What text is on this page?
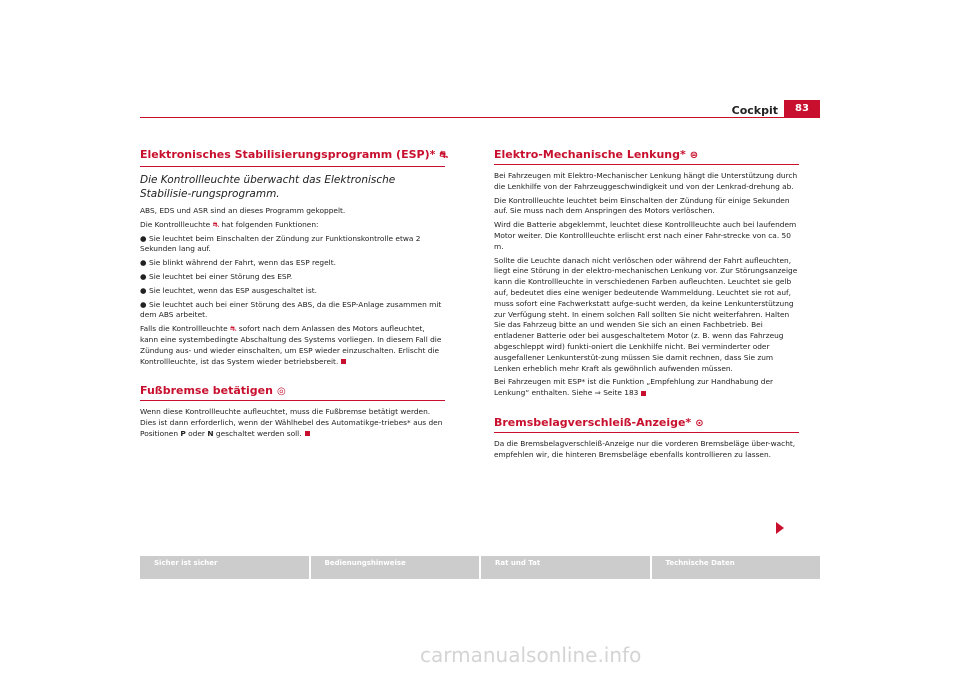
Cockpit	83
Elektronisches Stabilisierungsprogramm (ESP)* ⛐
Die Kontrollleuchte überwacht das Elektronische Stabilisie-rungsprogramm.
ABS, EDS und ASR sind an dieses Programm gekoppelt.
Die Kontrollleuchte ⛐ hat folgenden Funktionen:
● Sie leuchtet beim Einschalten der Zündung zur Funktionskontrolle etwa 2 Sekunden lang auf.
● Sie blinkt während der Fahrt, wenn das ESP regelt.
● Sie leuchtet bei einer Störung des ESP.
● Sie leuchtet, wenn das ESP ausgeschaltet ist.
● Sie leuchtet auch bei einer Störung des ABS, da die ESP-Anlage zusammen mit dem ABS arbeitet.
Falls die Kontrollleuchte ⛐ sofort nach dem Anlassen des Motors aufleuchtet, kann eine systembedingte Abschaltung des Systems vorliegen. In diesem Fall die Zündung aus- und wieder einschalten, um ESP wieder einzuschalten. Erlischt die Kontrollleuchte, ist das System wieder betriebsbereit.
Fußbremse betätigen ◎
Wenn diese Kontrollleuchte aufleuchtet, muss die Fußbremse betätigt werden. Dies ist dann erforderlich, wenn der Wählhebel des Automatikge-triebes* aus den Positionen P oder N geschaltet werden soll.
Elektro-Mechanische Lenkung* ⊜
Bei Fahrzeugen mit Elektro-Mechanischer Lenkung hängt die Unterstützung durch die Lenkhilfe von der Fahrzeuggeschwindigkeit und von der Lenkrad-drehung ab.
Die Kontrollleuchte leuchtet beim Einschalten der Zündung für einige Sekunden auf. Sie muss nach dem Anspringen des Motors verlöschen.
Wird die Batterie abgeklemmt, leuchtet diese Kontrollleuchte auch bei laufendem Motor weiter. Die Kontrollleuchte erlischt erst nach einer Fahr-strecke von ca. 50 m.
Sollte die Leuchte danach nicht verlöschen oder während der Fahrt aufleuchten, liegt eine Störung in der elektro-mechanischen Lenkung vor. Zur Störungsanzeige kann die Kontrollleuchte in verschiedenen Farben aufleuchten. Leuchtet sie gelb auf, bedeutet dies eine weniger bedeutende Wammeldung. Leuchtet sie rot auf, muss sofort eine Fachwerkstatt aufge-sucht werden, da keine Lenkunterstützung zur Verfügung steht. In einem solchen Fall sollten Sie nicht weiterfahren. Halten Sie das Fahrzeug bitte an und wenden Sie sich an einen Fachbetrieb. Bei entladener Batterie oder bei ausgeschaltetem Motor (z. B. wenn das Fahrzeug abgeschleppt wird) funkti-oniert die Lenkhilfe nicht. Bei verminderter oder ausgefallener Lenkunterstüt-zung müssen Sie damit rechnen, dass Sie zum Lenken erheblich mehr Kraft als gewöhnlich aufwenden müssen.
Bei Fahrzeugen mit ESP* ist die Funktion „Empfehlung zur Handhabung der Lenkung“ enthalten. Siehe ⇒ Seite 183
Bremsbelagverschleiß-Anzeige* ⊙
Da die Bremsbelagverschleiß-Anzeige nur die vorderen Bremsbeläge über-wacht, empfehlen wir, die hinteren Bremsbeläge ebenfalls kontrollieren zu lassen.
Sicher ist sicher	Bedienungshinweise	Rat und Tat	Technische Daten
carmanualsonline.info
